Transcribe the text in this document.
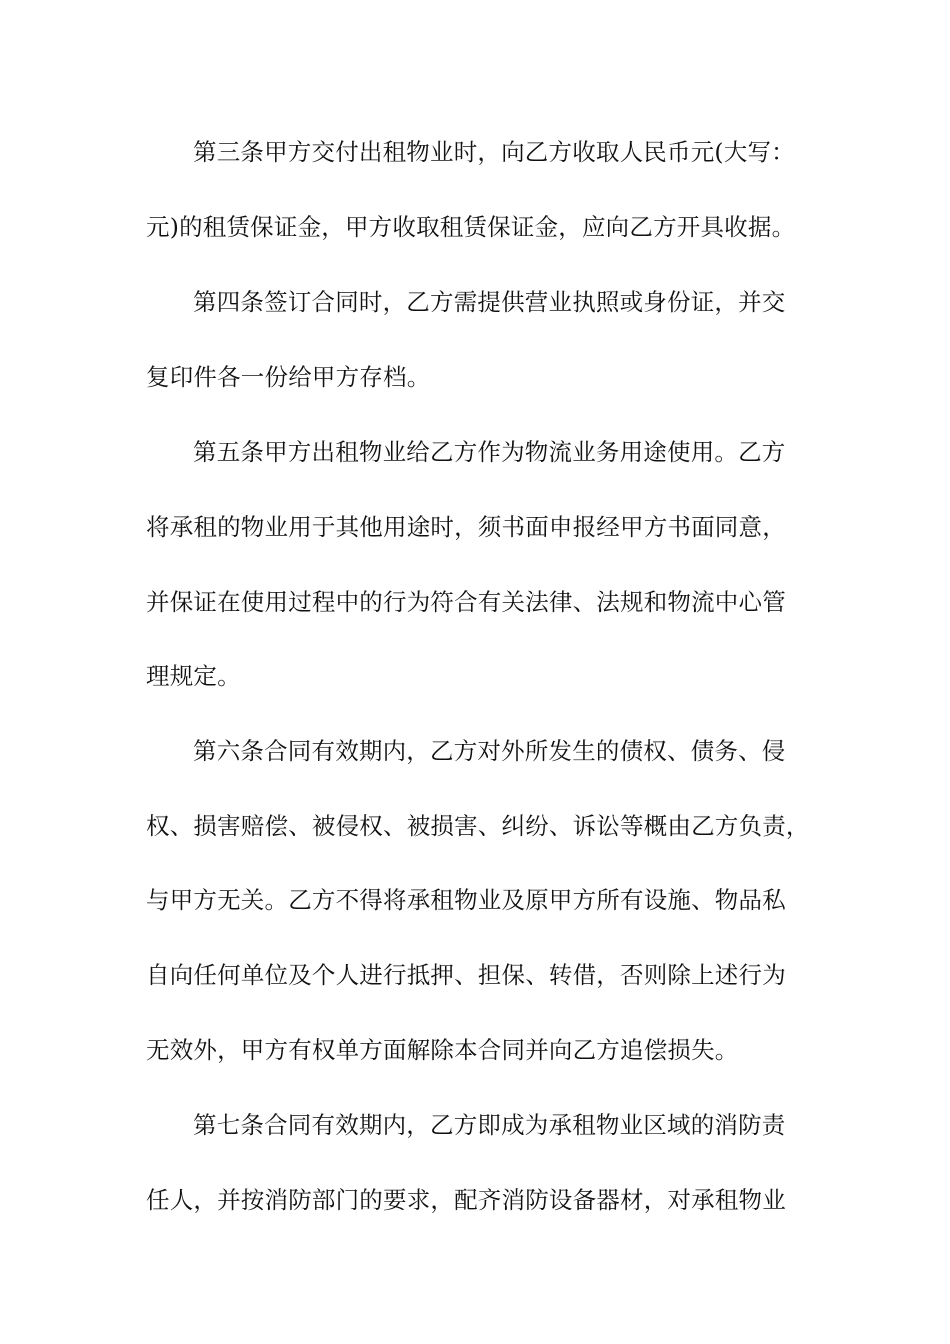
第三条甲方交付出租物业时，向乙方收取人民币元(大写：
元)的租赁保证金，甲方收取租赁保证金，应向乙方开具收据。
第四条签订合同时，乙方需提供营业执照或身份证，并交
复印件各一份给甲方存档。
第五条甲方出租物业给乙方作为物流业务用途使用。乙方
将承租的物业用于其他用途时，须书面申报经甲方书面同意，
并保证在使用过程中的行为符合有关法律、法规和物流中心管
理规定。
第六条合同有效期内，乙方对外所发生的债权、债务、侵
权、损害赔偿、被侵权、被损害、纠纷、诉讼等概由乙方负责，
与甲方无关。乙方不得将承租物业及原甲方所有设施、物品私
自向任何单位及个人进行抵押、担保、转借，否则除上述行为
无效外，甲方有权单方面解除本合同并向乙方追偿损失。
第七条合同有效期内，乙方即成为承租物业区域的消防责
任人，并按消防部门的要求，配齐消防设备器材，对承租物业
